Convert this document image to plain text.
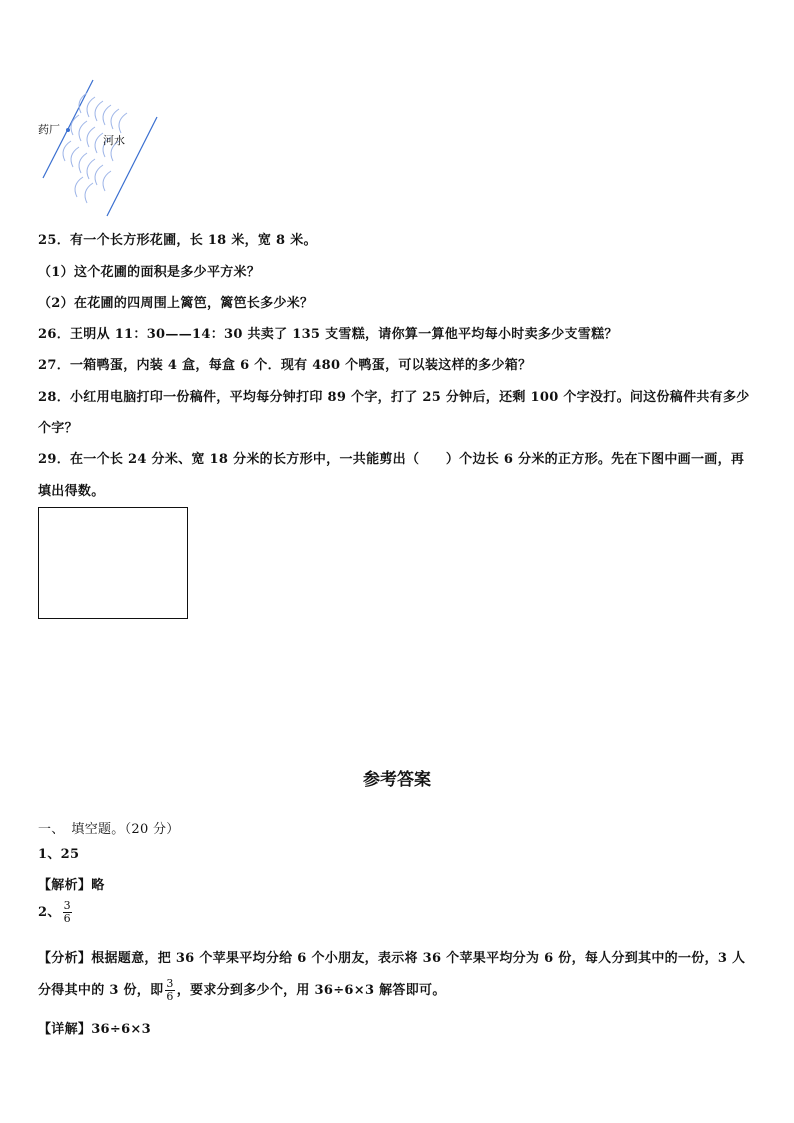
药厂
河水
25．有一个长方形花圃，长 18 米，宽 8 米。
（1）这个花圃的面积是多少平方米？
（2）在花圃的四周围上篱笆，篱笆长多少米？
26．王明从 11：30——14：30 共卖了 135 支雪糕，请你算一算他平均每小时卖多少支雪糕？
27．一箱鸭蛋，内装 4 盒，每盒 6 个．现有 480 个鸭蛋，可以装这样的多少箱？
28．小红用电脑打印一份稿件，平均每分钟打印 89 个字，打了 25 分钟后，还剩 100 个字没打。问这份稿件共有多少
个字？
29．在一个长 24 分米、宽 18 分米的长方形中，一共能剪出（　　）个边长 6 分米的正方形。先在下图中画一画，再
填出得数。
参考答案
一、　填空题。（20 分）
1、25
【解析】略
2、 $\frac{3}{6}$
【分析】根据题意，把 36 个苹果平均分给 6 个小朋友，表示将 36 个苹果平均分为 6 份，每人分到其中的一份，3 人
分得其中的 3 份，即 $\frac{3}{6}$ ，要求分到多少个，用 36÷6×3 解答即可。
【详解】36÷6×3
